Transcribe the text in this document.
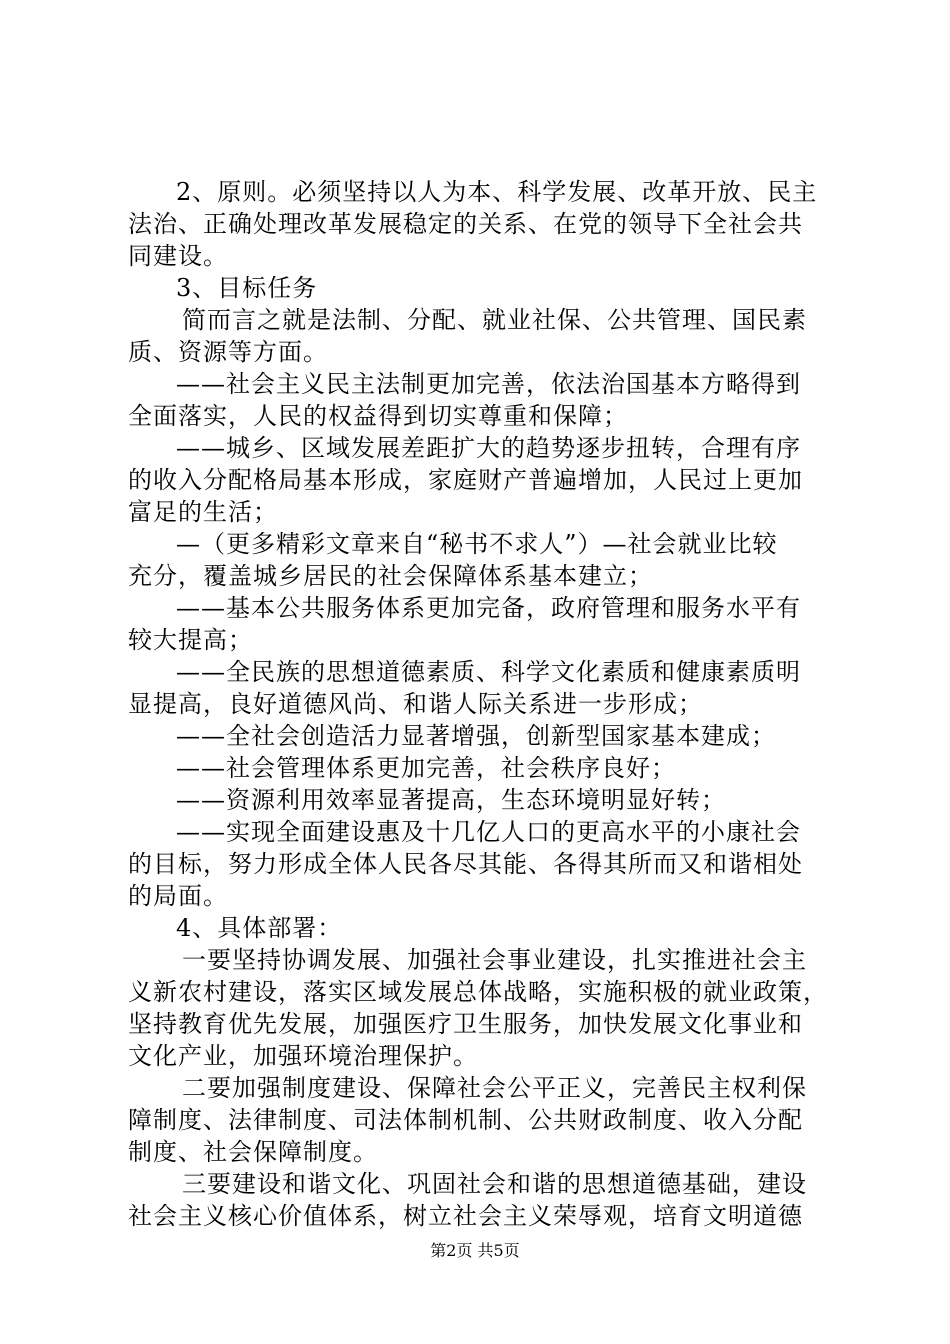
2、原则。必须坚持以人为本、科学发展、改革开放、民主
法治、正确处理改革发展稳定的关系、在党的领导下全社会共
同建设。
3、目标任务
简而言之就是法制、分配、就业社保、公共管理、国民素
质、资源等方面。
——社会主义民主法制更加完善，依法治国基本方略得到
全面落实，人民的权益得到切实尊重和保障；
——城乡、区域发展差距扩大的趋势逐步扭转，合理有序
的收入分配格局基本形成，家庭财产普遍增加，人民过上更加
富足的生活；
—（更多精彩文章来自“秘书不求人”）—社会就业比较
充分，覆盖城乡居民的社会保障体系基本建立；
——基本公共服务体系更加完备，政府管理和服务水平有
较大提高；
——全民族的思想道德素质、科学文化素质和健康素质明
显提高，良好道德风尚、和谐人际关系进一步形成；
——全社会创造活力显著增强，创新型国家基本建成；
——社会管理体系更加完善，社会秩序良好；
——资源利用效率显著提高，生态环境明显好转；
——实现全面建设惠及十几亿人口的更高水平的小康社会
的目标，努力形成全体人民各尽其能、各得其所而又和谐相处
的局面。
4、具体部署：
一要坚持协调发展、加强社会事业建设，扎实推进社会主
义新农村建设，落实区域发展总体战略，实施积极的就业政策，
坚持教育优先发展，加强医疗卫生服务，加快发展文化事业和
文化产业，加强环境治理保护。
二要加强制度建设、保障社会公平正义，完善民主权利保
障制度、法律制度、司法体制机制、公共财政制度、收入分配
制度、社会保障制度。
三要建设和谐文化、巩固社会和谐的思想道德基础，建设
社会主义核心价值体系，树立社会主义荣辱观，培育文明道德
第2页 共5页
